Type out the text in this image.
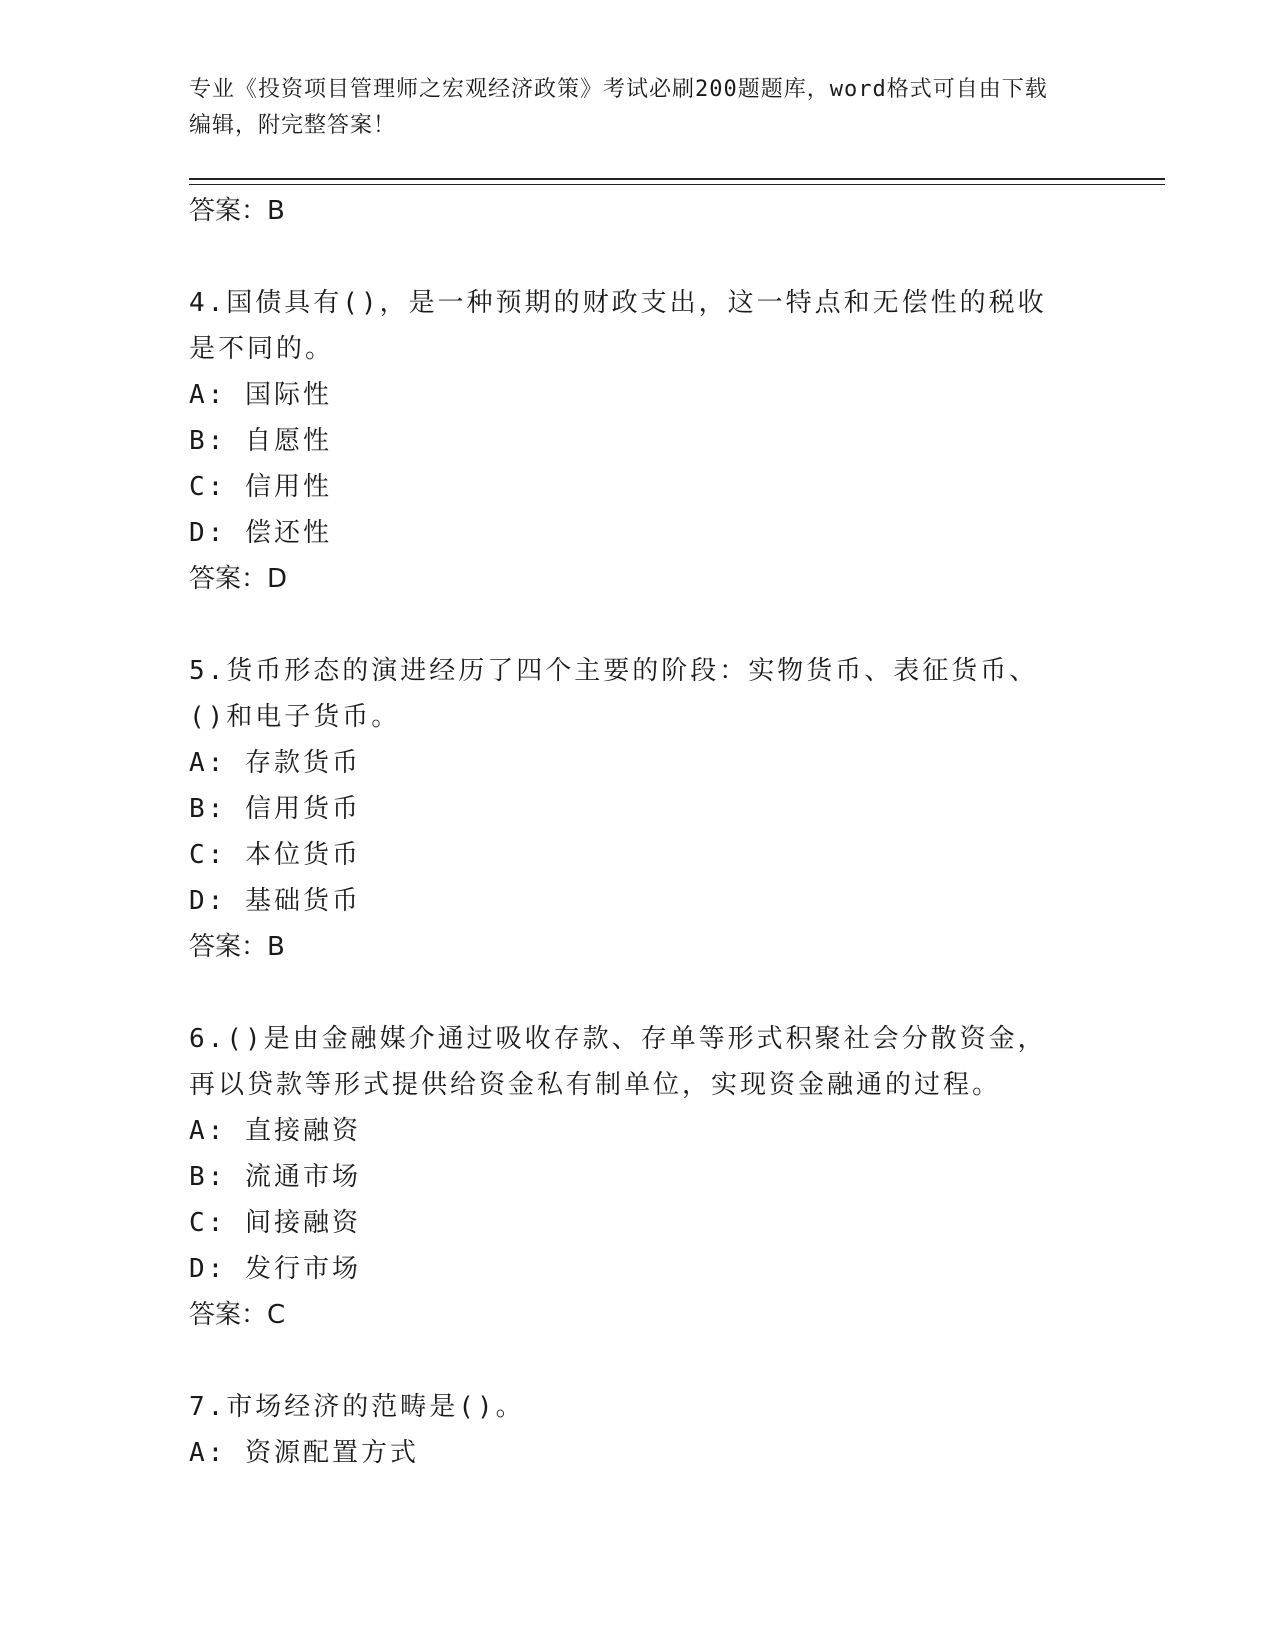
专业《投资项目管理师之宏观经济政策》考试必刷200题题库，word格式可自由下载编辑，附完整答案！

答案：B

4.国债具有()，是一种预期的财政支出，这一特点和无偿性的税收是不同的。

A: 国际性

B: 自愿性

C: 信用性

D: 偿还性

答案：D

5.货币形态的演进经历了四个主要的阶段：实物货币、表征货币、()和电子货币。

A: 存款货币

B: 信用货币

C: 本位货币

D: 基础货币

答案：B

6.()是由金融媒介通过吸收存款、存单等形式积聚社会分散资金，再以贷款等形式提供给资金私有制单位，实现资金融通的过程。

A: 直接融资

B: 流通市场

C: 间接融资

D: 发行市场

答案：C

7.市场经济的范畴是()。

A: 资源配置方式
